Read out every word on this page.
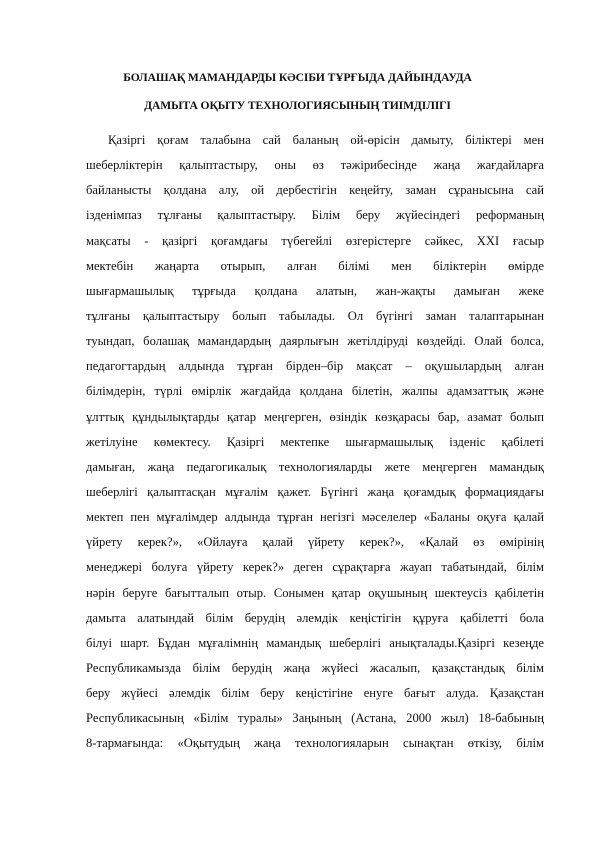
БОЛАШАҚ МАМАНДАРДЫ КӘСІБИ ТҰРҒЫДА ДАЙЫНДАУДА
ДАМЫТА ОҚЫТУ ТЕХНОЛОГИЯСЫНЫҢ ТИІМДІЛІГІ
Қазіргі қоғам талабына сай баланың ой-өрісін дамыту, біліктері мен
шеберліктерін қалыптастыру, оны өз тәжірибесінде жаңа жағдайларға
байланысты қолдана алу, ой дербестігін кеңейту, заман сұранысына сай
ізденімпаз тұлғаны қалыптастыру. Білім беру жүйесіндегі реформаның
мақсаты - қазіргі қоғамдағы түбегейлі өзгерістерге сәйкес, XXI ғасыр
мектебін жаңарта отырып, алған білімі мен біліктерін өмірде
шығармашылық тұрғыда қолдана алатын, жан-жақты дамыған жеке
тұлғаны қалыптастыру болып табылады. Ол бүгінгі заман талаптарынан
туындап, болашақ мамандардың даярлығын жетілдіруді көздейді. Олай болса,
педагогтардың алдында тұрған бірден–бір мақсат – оқушылардың алған
білімдерін, түрлі өмірлік жағдайда қолдана білетін, жалпы адамзаттық және
ұлттық құндылықтарды қатар меңгерген, өзіндік көзқарасы бар, азамат болып
жетілуіне көмектесу. Қазіргі мектепке шығармашылық ізденіс қабілеті
дамыған, жаңа педагогикалық технологияларды жете меңгерген мамандық
шеберлігі қалыптасқан мұғалім қажет. Бүгінгі жаңа қоғамдық формациядағы
мектеп пен мұғалімдер алдында тұрған негізгі мәселелер «Баланы оқуға қалай
үйрету керек?», «Ойлауға қалай үйрету керек?», «Қалай өз өмірінің
менеджері болуға үйрету керек?» деген сұрақтарға жауап табатындай, білім
нәрін беруге бағытталып отыр. Сонымен қатар оқушының шектеусіз қабілетін
дамыта алатындай білім берудің әлемдік кеңістігін құруға қабілетті бола
білуі шарт. Бұдан мұғалімнің мамандық шеберлігі анықталады.Қазіргі кезеңде
Республикамызда білім берудің жаңа жүйесі жасалып, қазақстандық білім
беру жүйесі әлемдік білім беру кеңістігіне енуге бағыт алуда. Қазақстан
Республикасының «Білім туралы» Заңының (Астана, 2000 жыл) 18-бабының
8-тармағында: «Оқытудың жаңа технологияларын сынақтан өткізу, білім
